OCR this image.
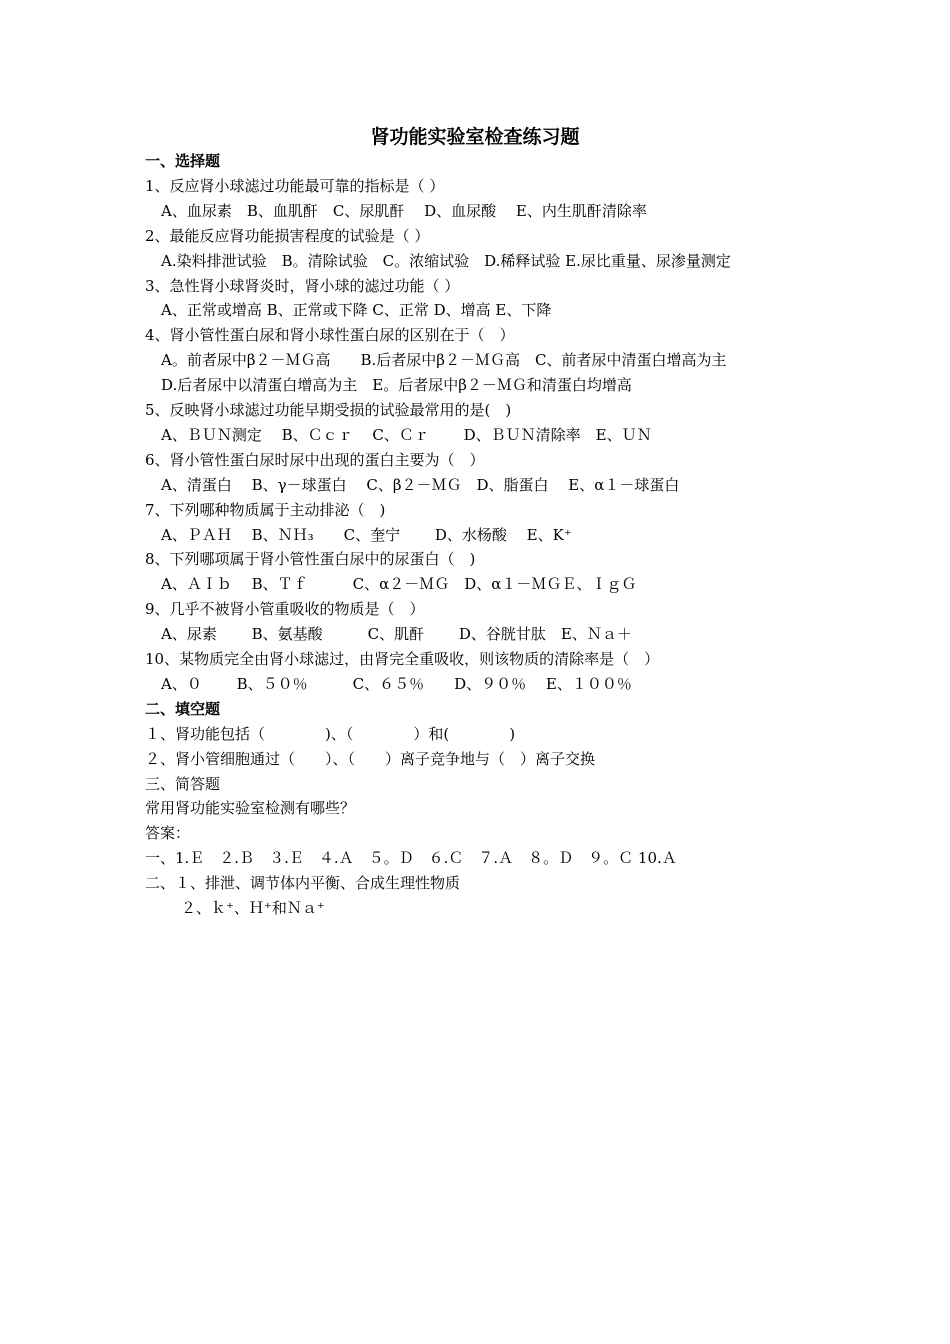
肾功能实验室检查练习题
一、选择题
1、反应肾小球滤过功能最可靠的指标是（ ）
A、血尿素　B、血肌酐　C、尿肌酐　 D、血尿酸　 E、内生肌酐清除率
2、最能反应肾功能损害程度的试验是（ ）
A.染料排泄试验　B。清除试验　C。浓缩试验　D.稀释试验 E.尿比重量、尿渗量测定
3、急性肾小球肾炎时，肾小球的滤过功能（ ）
A、正常或增高 B、正常或下降 C、正常 D、增高 E、下降
4、肾小管性蛋白尿和肾小球性蛋白尿的区别在于（　）
A。前者尿中β２－ＭＧ高　　B.后者尿中β２－ＭＧ高　C、前者尿中清蛋白增高为主
D.后者尿中以清蛋白增高为主　E。后者尿中β２－ＭＧ和清蛋白均增高
5、反映肾小球滤过功能早期受损的试验最常用的是(　)
A、ＢＵＮ测定　 B、Ｃｃｒ　 C、Ｃｒ　　 D、ＢＵＮ清除率　E、ＵＮ
6、肾小管性蛋白尿时尿中出现的蛋白主要为（　）
A、清蛋白　 B、γ－球蛋白　 C、β２－ＭＧ　D、脂蛋白　 E、α１－球蛋白
7、下列哪种物质属于主动排泌（　)
A、ＰＡＨ　 B、ＮＨ₃　　C、奎宁　　 D、水杨酸　 E、K⁺
8、下列哪项属于肾小管性蛋白尿中的尿蛋白（　)
A、ＡＩｂ　 B、Ｔｆ　　　C、α２－ＭＧ　D、α１－ＭＧＥ、ＩｇＧ
9、几乎不被肾小管重吸收的物质是（　）
A、尿素　　 B、氨基酸　　　C、肌酐　　 D、谷胱甘肽　E、Ｎａ＋
10、某物质完全由肾小球滤过，由肾完全重吸收，则该物质的清除率是（　）
A、０　 　B、５０％　　　C、６５％　　D、９０％　 E、１００％
二、填空题
１、肾功能包括（　　　　)、（　　　　）和(　　　　)
２、肾小管细胞通过（　　）、（　　）离子竞争地与（　）离子交换
三、简答题
常用肾功能实验室检测有哪些？
答案：
一、1.Ｅ　２.Ｂ　３.Ｅ　４.Ａ　５。Ｄ　６.Ｃ　７.Ａ　８。Ｄ　９。Ｃ 10.Ａ
二、１、排泄、调节体内平衡、合成生理性物质
２、ｋ⁺、Ｈ⁺和Ｎａ⁺
